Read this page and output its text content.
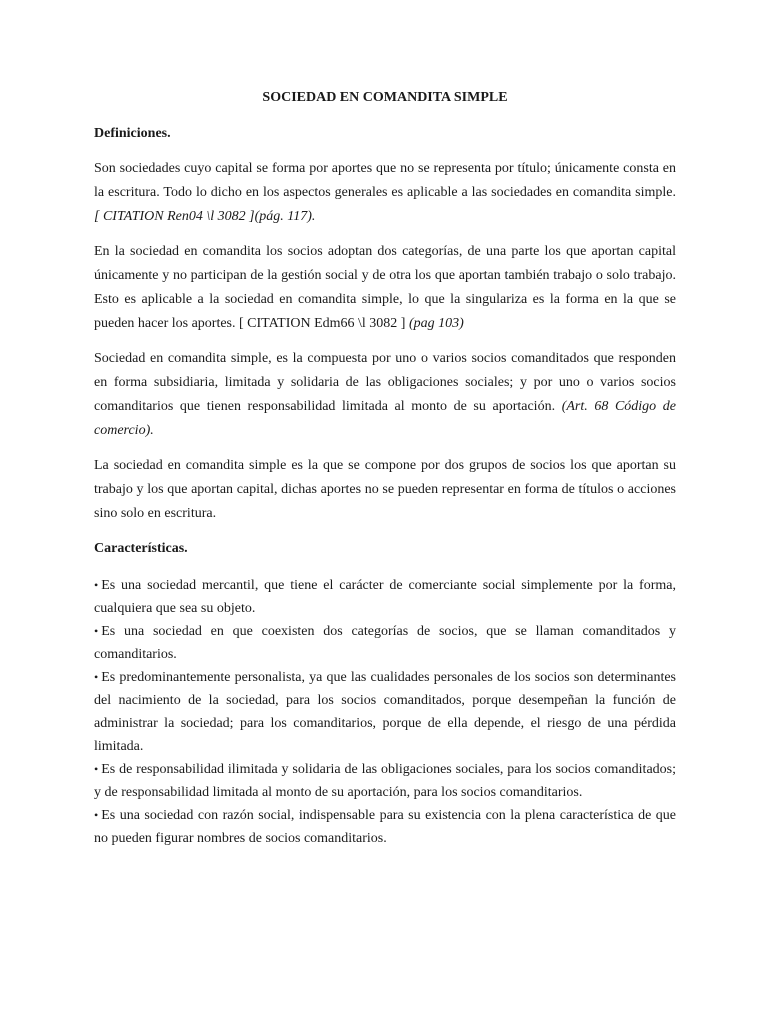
SOCIEDAD EN COMANDITA SIMPLE
Definiciones.

Son sociedades cuyo capital se forma por aportes que no se representa por título; únicamente consta en la escritura. Todo lo dicho en los aspectos generales es aplicable a las sociedades en comandita simple. [ CITATION Ren04 \l 3082 ](pág. 117).

En la sociedad en comandita los socios adoptan dos categorías, de una parte los que aportan capital únicamente y no participan de la gestión social y de otra los que aportan también trabajo o solo trabajo. Esto es aplicable a la sociedad en comandita simple, lo que la singulariza es la forma en la que se pueden hacer los aportes. [ CITATION Edm66 \l 3082 ] (pag 103)

Sociedad en comandita simple, es la compuesta por uno o varios socios comanditados que responden en forma subsidiaria, limitada y solidaria de las obligaciones sociales; y por uno o varios socios comanditarios que tienen responsabilidad limitada al monto de su aportación. (Art. 68 Código de comercio).

La sociedad en comandita simple es la que se compone por dos grupos de socios los que aportan su trabajo y los que aportan capital, dichas aportes no se pueden representar en forma de títulos o acciones sino solo en escritura.

Características.
• Es una sociedad mercantil, que tiene el carácter de comerciante social simplemente por la forma, cualquiera que sea su objeto.
• Es una sociedad en que coexisten dos categorías de socios, que se llaman comanditados y comanditarios.
• Es predominantemente personalista, ya que las cualidades personales de los socios son determinantes del nacimiento de la sociedad, para los socios comanditados, porque desempeñan la función de administrar la sociedad; para los comanditarios, porque de ella depende, el riesgo de una pérdida limitada.
• Es de responsabilidad ilimitada y solidaria de las obligaciones sociales, para los socios comanditados; y de responsabilidad limitada al monto de su aportación, para los socios comanditarios.
• Es una sociedad con razón social, indispensable para su existencia con la plena característica de que no pueden figurar nombres de socios comanditarios.
